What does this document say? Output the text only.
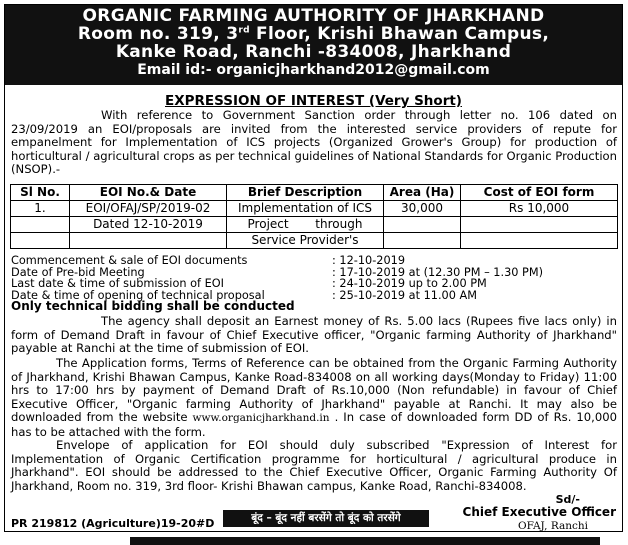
ORGANIC FARMING AUTHORITY OF JHARKHAND
Room no. 319, 3rd Floor, Krishi Bhawan Campus,
Kanke Road, Ranchi -834008, Jharkhand
Email id:- organicjharkhand2012@gmail.com
EXPRESSION OF INTEREST (Very Short)
With reference to Government Sanction order through letter no. 106 dated on 23/09/2019 an EOI/proposals are invited from the interested service providers of repute for empanelment for Implementation of ICS projects (Organized Grower's Group) for production of horticultural / agricultural crops as per technical guidelines of National Standards for Organic Production (NSOP).-
Sl No.	EOI No.& Date	Brief Description	Area (Ha)	Cost of EOI form
1.	EOI/OFAJ/SP/2019-02	Implementation of ICS	30,000	Rs 10,000
	Dated 12-10-2019	Project       through		
		Service Provider's		
Commencement & sale of EOI documents	: 12-10-2019
Date of Pre-bid Meeting	: 17-10-2019 at (12.30 PM – 1.30 PM)
Last date & time of submission of EOI	: 24-10-2019 up to 2.00 PM
Date & time of opening of technical proposal	: 25-10-2019 at 11.00 AM
Only technical bidding shall be conducted
The agency shall deposit an Earnest money of Rs. 5.00 lacs (Rupees five lacs only) in form of Demand Draft in favour of Chief Executive officer, "Organic farming Authority of Jharkhand" payable at Ranchi at the time of submission of EOI.
The Application forms, Terms of Reference can be obtained from the Organic Farming Authority of Jharkhand, Krishi Bhawan Campus, Kanke Road-834008 on all working days(Monday to Friday) 11:00 hrs to 17:00 hrs by payment of Demand Draft of Rs.10,000 (Non refundable) in favour of Chief Executive Officer, "Organic farming Authority of Jharkhand" payable at Ranchi. It may also be downloaded from the website www.organicjharkhand.in . In case of downloaded form DD of Rs. 10,000 has to be attached with the form.
Envelope of application for EOI should duly subscribed "Expression of Interest for Implementation of Organic Certification programme for horticultural / agricultural produce in Jharkhand". EOI should be addressed to the Chief Executive Officer, Organic Farming Authority Of Jharkhand, Room no. 319, 3rd floor- Krishi Bhawan campus, Kanke Road, Ranchi-834008.
Sd/-
Chief Executive Officer
OFAJ, Ranchi
PR 219812 (Agriculture)19-20#D	बूंद – बूंद नहीं बरसेंगे तो बूंद को तरसेंगे
